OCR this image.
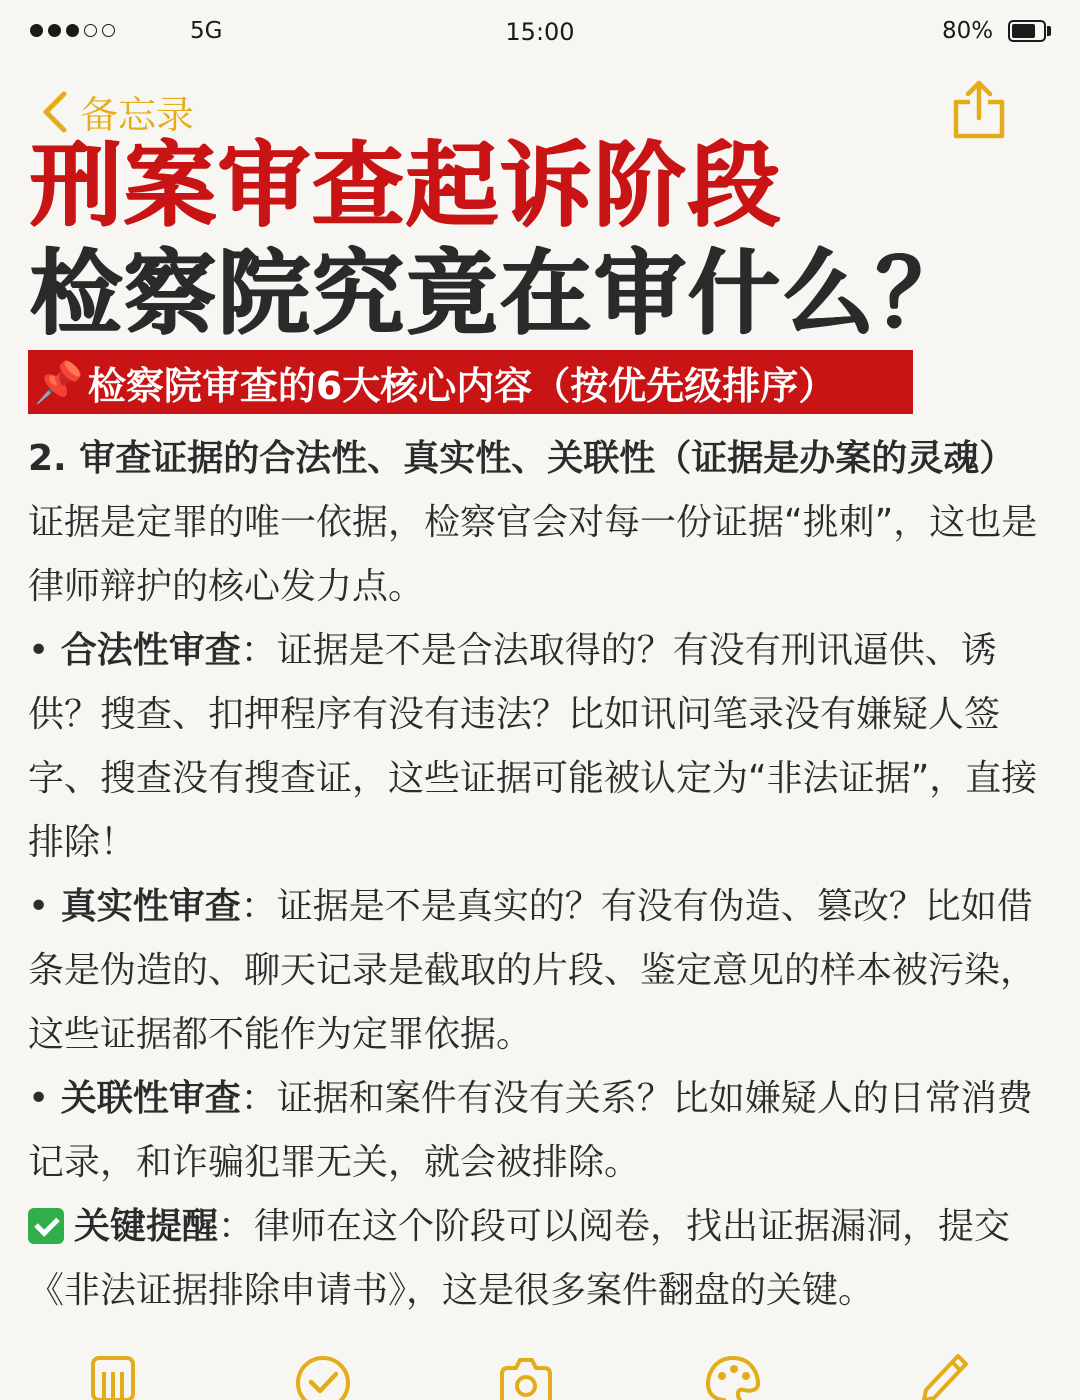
5G	15:00	80%
备忘录
刑案审查起诉阶段
检察院究竟在审什么？
📌 检察院审查的6大核心内容（按优先级排序）

2. 审查证据的合法性、真实性、关联性（证据是办案的灵魂）

证据是定罪的唯一依据，检察官会对每一份证据“挑刺”，这也是律师辩护的核心发力点。

• 合法性审查：证据是不是合法取得的？有没有刑讯逼供、诱供？搜查、扣押程序有没有违法？比如讯问笔录没有嫌疑人签字、搜查没有搜查证，这些证据可能被认定为“非法证据”，直接排除！

• 真实性审查：证据是不是真实的？有没有伪造、篡改？比如借条是伪造的、聊天记录是截取的片段、鉴定意见的样本被污染，这些证据都不能作为定罪依据。

• 关联性审查：证据和案件有没有关系？比如嫌疑人的日常消费记录，和诈骗犯罪无关，就会被排除。

关键提醒：律师在这个阶段可以阅卷，找出证据漏洞，提交《非法证据排除申请书》，这是很多案件翻盘的关键。
